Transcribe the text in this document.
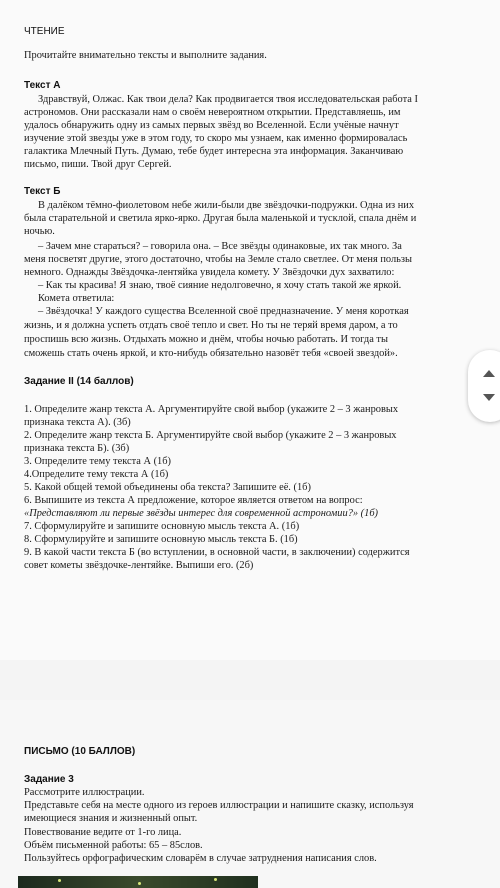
ЧТЕНИЕ
Прочитайте внимательно тексты и выполните задания.
Текст А
Здравствуй, Олжас. Как твои дела? Как продвигается твоя исследовательская работа I
астрономов. Они рассказали нам о своём невероятном открытии. Представляешь, им
удалось обнаружить одну из самых первых звёзд во Вселенной. Если учёные начнут
изучение этой звезды уже в этом году, то скоро мы узнаем, как именно формировалась
галактика Млечный Путь. Думаю, тебе будет интересна эта информация. Заканчиваю
письмо, пиши. Твой друг Сергей.
Текст Б
В далёком тёмно-фиолетовом небе жили-были две звёздочки-подружки. Одна из них
была старательной и светила ярко-ярко. Другая была маленькой и тусклой, спала днём и
ночью.
– Зачем мне стараться? – говорила она. – Все звёзды одинаковые, их так много. За
меня посветят другие, этого достаточно, чтобы на Земле стало светлее. От меня пользы
немного. Однажды Звёздочка-лентяйка увидела комету. У Звёздочки дух захватило:
– Как ты красива! Я знаю, твоё сияние недолговечно, я хочу стать такой же яркой.
Комета ответила:
– Звёздочка! У каждого существа Вселенной своё предназначение. У меня короткая
жизнь, и я должна успеть отдать своё тепло и свет. Но ты не теряй время даром, а то
проспишь всю жизнь. Отдыхать можно и днём, чтобы ночью работать. И тогда ты
сможешь стать очень яркой, и кто-нибудь обязательно назовёт тебя «своей звездой».
Задание II (14 баллов)
1. Определите жанр текста А. Аргументируйте свой выбор (укажите 2 – 3 жанровых
признака текста А). (3б)
2. Определите жанр текста Б. Аргументируйте свой выбор (укажите 2 – 3 жанровых
признака текста Б). (3б)
3. Определите тему текста А (1б)
4.Определите тему текста А (1б)
5. Какой общей темой объединены оба текста? Запишите её. (1б)
6. Выпишите из текста А предложение, которое является ответом на вопрос:
«Представляют ли первые звёзды интерес для современной астрономии?» (1б)
7. Сформулируйте и запишите основную мысль текста А. (1б)
8. Сформулируйте и запишите основную мысль текста Б. (1б)
9. В какой части текста Б (во вступлении, в основной части, в заключении) содержится
совет кометы звёздочке-лентяйке. Выпиши его. (2б)
ПИСЬМО (10 БАЛЛОВ)
Задание 3
Рассмотрите иллюстрации.
Представьте себя на месте одного из героев иллюстрации и напишите сказку, используя
имеющиеся знания и жизненный опыт.
Повествование ведите от 1-го лица.
Объём письменной работы: 65 – 85слов.
Пользуйтесь орфографическим словарём в случае затруднения написания слов.
